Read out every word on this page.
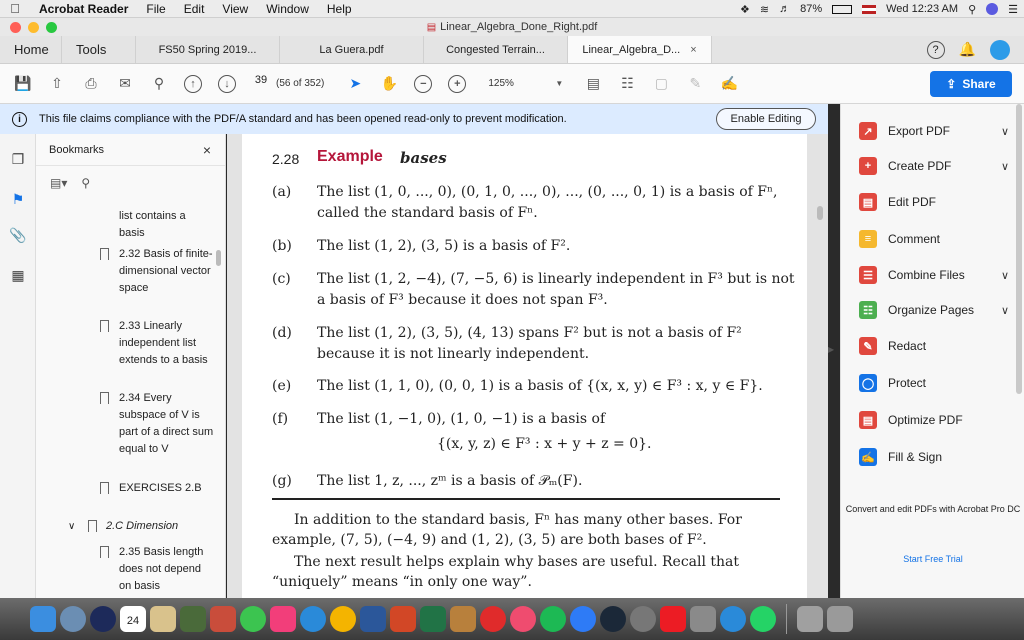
Acrobat Reader	File	Edit	View	Window	Help	❖ ≋ ♬ 87%	Wed 12:23 AM ⚲	☰
▤ Linear_Algebra_Done_Right.pdf
Home	Tools	FS50 Spring 2019...	La Guera.pdf	Congested Terrain...	Linear_Algebra_D... ×	?	🔔
💾	⇧	⎙	✉	⚲	↑	↓	39 (56 of 352)	➤	✋	−	+	125%	▼	▤	☷	▢	✎	✍	⇪ Share
i	This file claims compliance with the PDF/A standard and has been opened read-only to prevent modification.	Enable Editing
❐
⚑
📎
▦
Bookmarks	×
▤▾ ⚲
list contains a basis
2.32 Basis of finite-dimensional vector space
2.33 Linearly independent list extends to a basis
2.34 Every subspace of V is part of a direct sum equal to V
EXERCISES 2.B
∨	2.C Dimension
2.35 Basis length does not depend on basis
2.28 Example bases
(a) The list (1, 0, ..., 0), (0, 1, 0, ..., 0), ..., (0, ..., 0, 1) is a basis of Fⁿ, called the standard basis of Fⁿ.
(b) The list (1, 2), (3, 5) is a basis of F².
(c) The list (1, 2, −4), (7, −5, 6) is linearly independent in F³ but is not a basis of F³ because it does not span F³.
(d) The list (1, 2), (3, 5), (4, 13) spans F² but is not a basis of F² because it is not linearly independent.
(e) The list (1, 1, 0), (0, 0, 1) is a basis of {(x, x, y) ∈ F³ : x, y ∈ F}.
(f) The list (1, −1, 0), (1, 0, −1) is a basis of
{(x, y, z) ∈ F³ : x + y + z = 0}.
(g) The list 1, z, ..., zᵐ is a basis of 𝒫ₘ(F).
In addition to the standard basis, Fⁿ has many other bases. For example, (7, 5), (−4, 9) and (1, 2), (3, 5) are both bases of F².
The next result helps explain why bases are useful. Recall that “uniquely” means “in only one way”.
▶
↗	Export PDF	∨
+	Create PDF	∨
▤	Edit PDF
≡	Comment
☰	Combine Files	∨
☷	Organize Pages ∨
✎	Redact
◯ Protect
▤	Optimize PDF
✍ Fill & Sign
Convert and edit PDFs with Acrobat Pro DC
Start Free Trial
24
